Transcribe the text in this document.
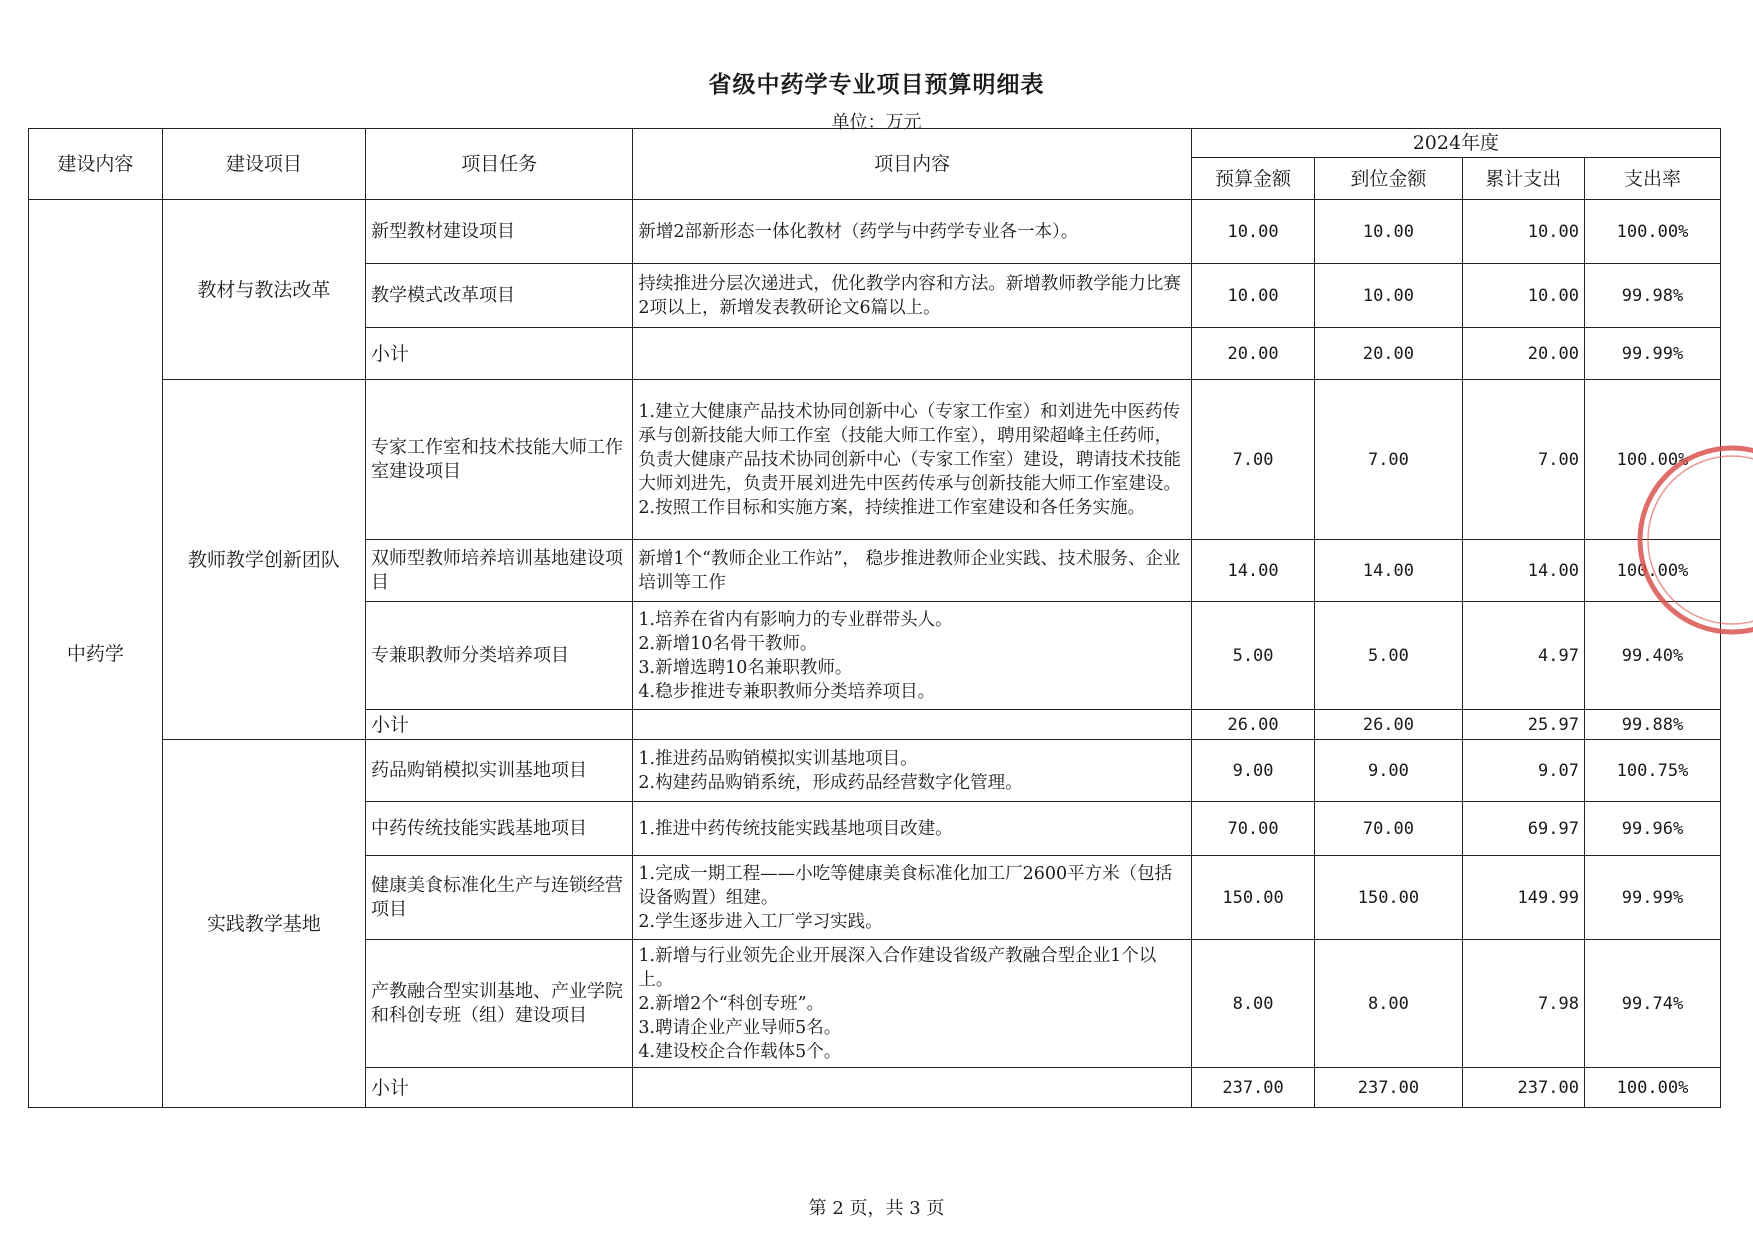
省级中药学专业项目预算明细表
单位：万元
建设内容	建设项目	项目任务	项目内容	2024年度			
				预算金额	到位金额	累计支出	支出率
中药学	教材与教法改革	新型教材建设项目	新增2部新形态一体化教材（药学与中药学专业各一本）。	10.00	10.00	10.00	100.00%
		教学模式改革项目	持续推进分层次递进式，优化教学内容和方法。新增教师教学能力比赛2项以上，新增发表教研论文6篇以上。	10.00	10.00	10.00	99.98%
		小计		20.00	20.00	20.00	99.99%
	教师教学创新团队	专家工作室和技术技能大师工作室建设项目	1.建立大健康产品技术协同创新中心（专家工作室）和刘进先中医药传承与创新技能大师工作室（技能大师工作室），聘用梁超峰主任药师，负责大健康产品技术协同创新中心（专家工作室）建设，聘请技术技能大师刘进先，负责开展刘进先中医药传承与创新技能大师工作室建设。
2.按照工作目标和实施方案，持续推进工作室建设和各任务实施。	7.00	7.00	7.00	100.00%
		双师型教师培养培训基地建设项目	新增1个“教师企业工作站”， 稳步推进教师企业实践、技术服务、企业培训等工作	14.00	14.00	14.00	100.00%
		专兼职教师分类培养项目	1.培养在省内有影响力的专业群带头人。
2.新增10名骨干教师。
3.新增选聘10名兼职教师。
4.稳步推进专兼职教师分类培养项目。	5.00	5.00	4.97	99.40%
		小计		26.00	26.00	25.97	99.88%
	实践教学基地	药品购销模拟实训基地项目	1.推进药品购销模拟实训基地项目。
2.构建药品购销系统，形成药品经营数字化管理。	9.00	9.00	9.07	100.75%
		中药传统技能实践基地项目	1.推进中药传统技能实践基地项目改建。	70.00	70.00	69.97	99.96%
		健康美食标准化生产与连锁经营项目	1.完成一期工程——小吃等健康美食标准化加工厂2600平方米（包括设备购置）组建。
2.学生逐步进入工厂学习实践。	150.00	150.00	149.99	99.99%
		产教融合型实训基地、产业学院和科创专班（组）建设项目	1.新增与行业领先企业开展深入合作建设省级产教融合型企业1个以上。
2.新增2个“科创专班”。
3.聘请企业产业导师5名。
4.建设校企合作载体5个。	8.00	8.00	7.98	99.74%
		小计		237.00	237.00	237.00	100.00%
第 2 页，共 3 页
